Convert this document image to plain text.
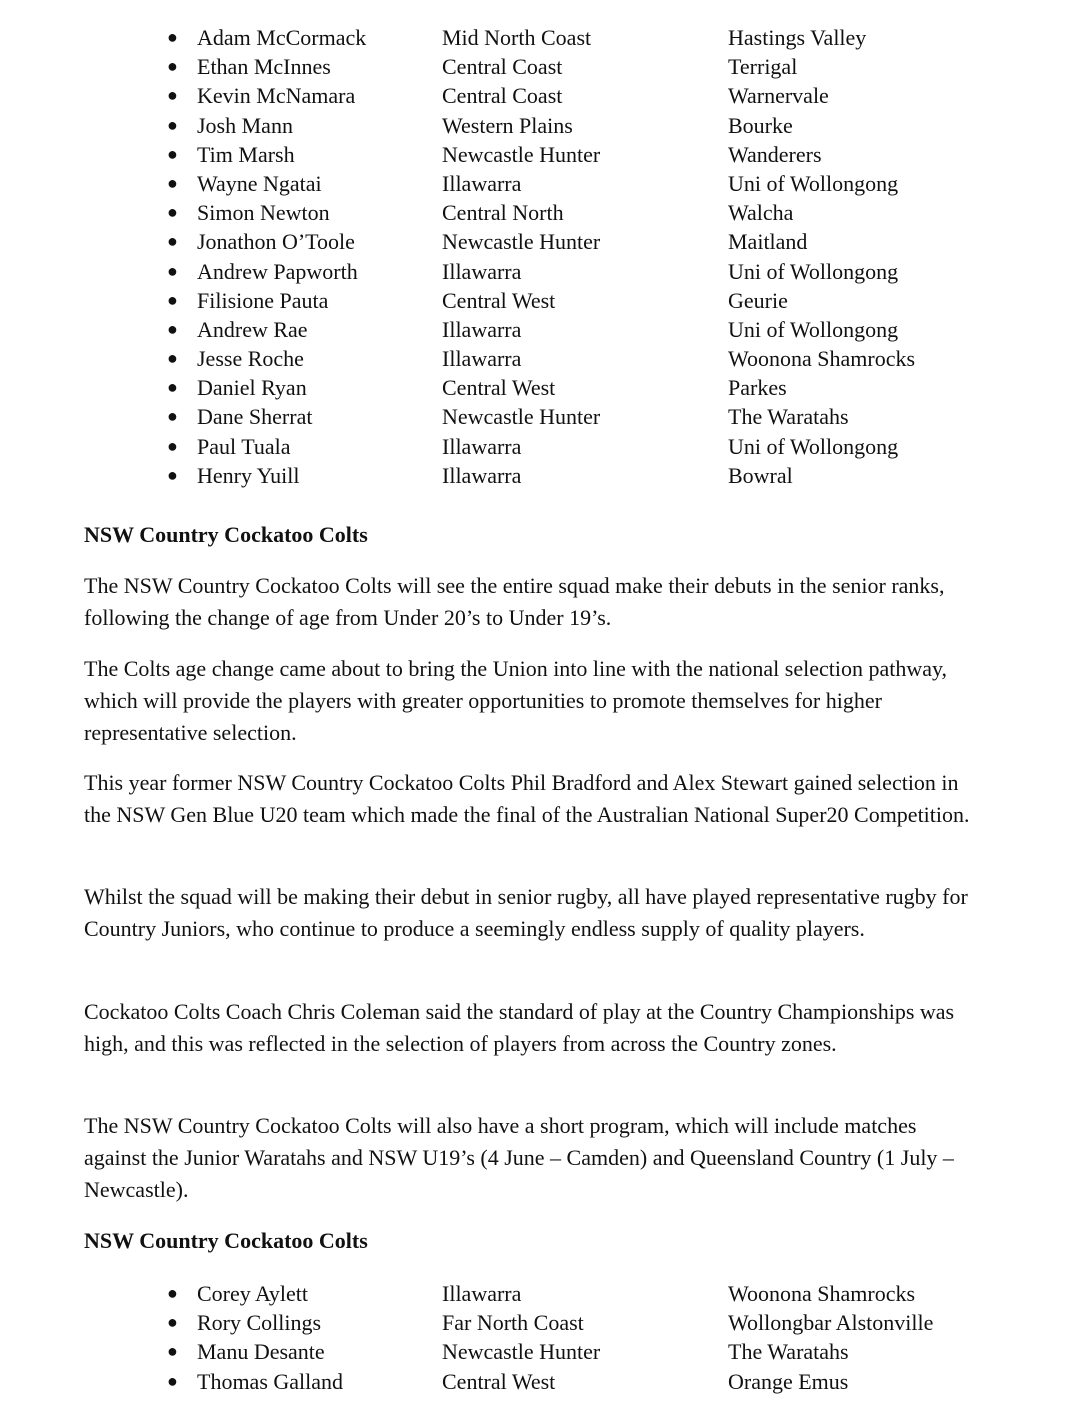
● Adam McCormack	Mid North Coast	Hastings Valley
● Ethan McInnes	Central Coast	Terrigal
● Kevin McNamara	Central Coast	Warnervale
● Josh Mann	Western Plains	Bourke
● Tim Marsh	Newcastle Hunter	Wanderers
● Wayne Ngatai	Illawarra	Uni of Wollongong
● Simon Newton	Central North	Walcha
● Jonathon O’Toole	Newcastle Hunter	Maitland
● Andrew Papworth	Illawarra	Uni of Wollongong
● Filisione Pauta	Central West	Geurie
● Andrew Rae	Illawarra	Uni of Wollongong
● Jesse Roche	Illawarra	Woonona Shamrocks
● Daniel Ryan	Central West	Parkes
● Dane Sherrat	Newcastle Hunter	The Waratahs
● Paul Tuala	Illawarra	Uni of Wollongong
● Henry Yuill	Illawarra	Bowral
NSW Country Cockatoo Colts

The NSW Country Cockatoo Colts will see the entire squad make their debuts in the senior ranks, following the change of age from Under 20’s to Under 19’s.

The Colts age change came about to bring the Union into line with the national selection pathway, which will provide the players with greater opportunities to promote themselves for higher representative selection.

This year former NSW Country Cockatoo Colts Phil Bradford and Alex Stewart gained selection in the NSW Gen Blue U20 team which made the final of the Australian National Super20 Competition.

Whilst the squad will be making their debut in senior rugby, all have played representative rugby for Country Juniors, who continue to produce a seemingly endless supply of quality players.

Cockatoo Colts Coach Chris Coleman said the standard of play at the Country Championships was high, and this was reflected in the selection of players from across the Country zones.

The NSW Country Cockatoo Colts will also have a short program, which will include matches against the Junior Waratahs and NSW U19’s (4 June – Camden) and Queensland Country (1 July – Newcastle).

NSW Country Cockatoo Colts
● Corey Aylett	Illawarra	Woonona Shamrocks
● Rory Collings	Far North Coast	Wollongbar Alstonville
● Manu Desante	Newcastle Hunter	The Waratahs
● Thomas Galland	Central West	Orange Emus
